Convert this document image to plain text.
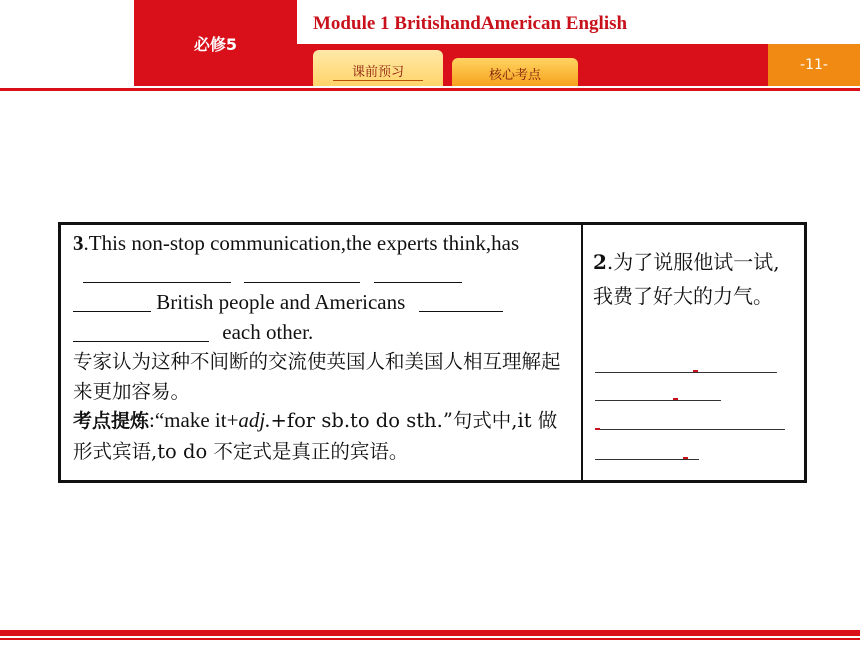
必修5
Module 1 BritishandAmerican English
-11-
课前预习	核心考点
3.This non-stop communication,the experts think,has
British people and Americans
each other.
专家认为这种不间断的交流使英国人和美国人相互理解起来更加容易。
考点提炼:“make it+adj.+for sb.to do sth.”句式中,it 做形式宾语,to do 不定式是真正的宾语。
2.为了说服他试一试,我费了好大的力气。
